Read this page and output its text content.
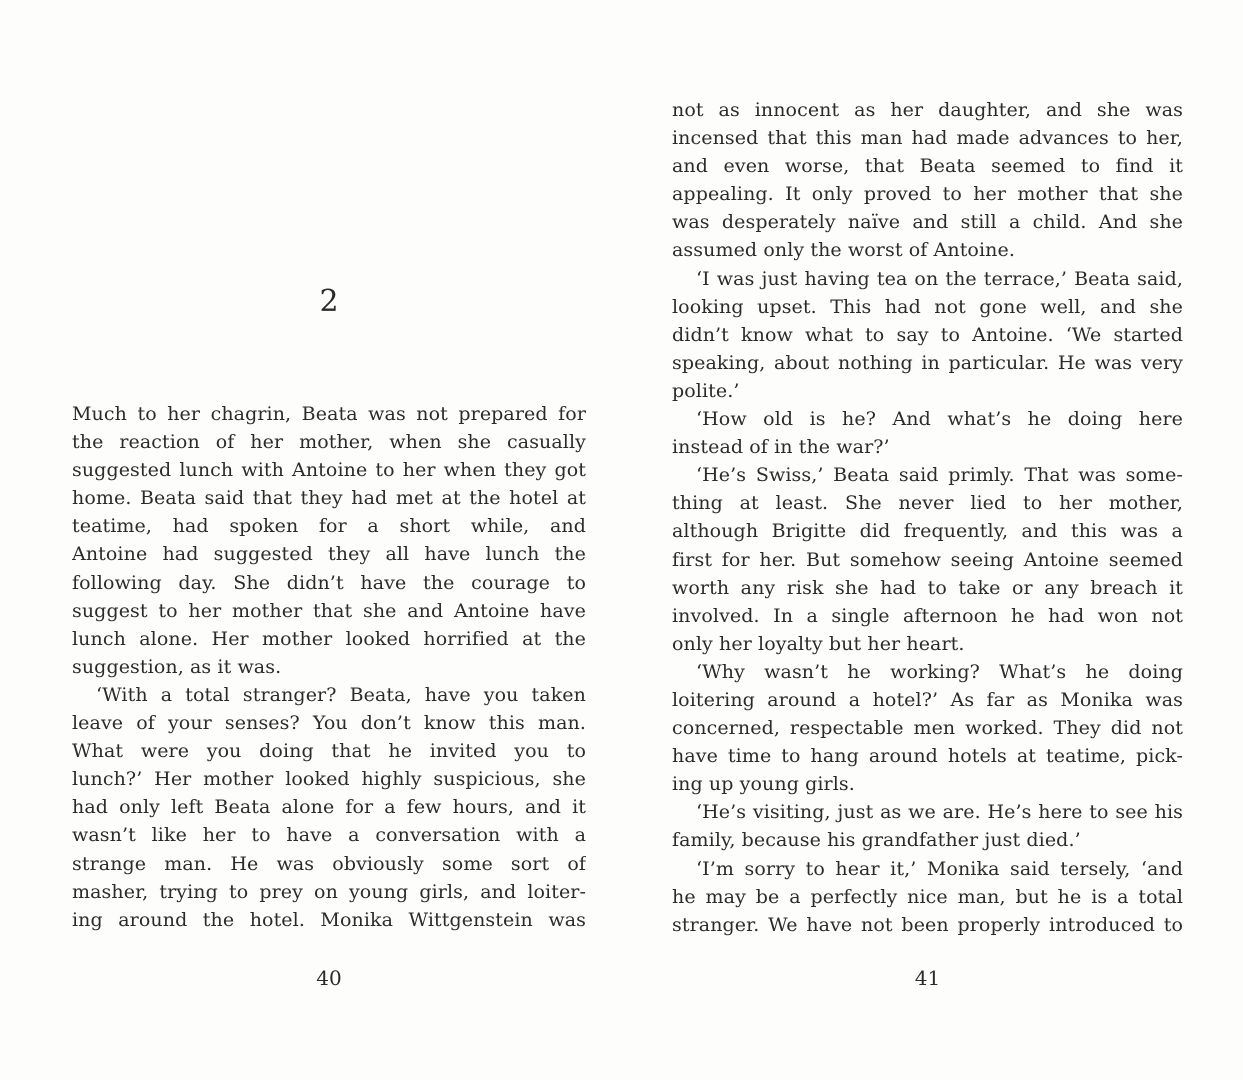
2
Much to her chagrin, Beata was not prepared for
the reaction of her mother, when she casually
suggested lunch with Antoine to her when they got
home. Beata said that they had met at the hotel at
teatime, had spoken for a short while, and
Antoine had suggested they all have lunch the
following day. She didn’t have the courage to
suggest to her mother that she and Antoine have
lunch alone. Her mother looked horrified at the
suggestion, as it was.
‘With a total stranger? Beata, have you taken
leave of your senses? You don’t know this man.
What were you doing that he invited you to
lunch?’ Her mother looked highly suspicious, she
had only left Beata alone for a few hours, and it
wasn’t like her to have a conversation with a
strange man. He was obviously some sort of
masher, trying to prey on young girls, and loiter-
ing around the hotel. Monika Wittgenstein was
40
not as innocent as her daughter, and she was
incensed that this man had made advances to her,
and even worse, that Beata seemed to find it
appealing. It only proved to her mother that she
was desperately naïve and still a child. And she
assumed only the worst of Antoine.
‘I was just having tea on the terrace,’ Beata said,
looking upset. This had not gone well, and she
didn’t know what to say to Antoine. ‘We started
speaking, about nothing in particular. He was very
polite.’
‘How old is he? And what’s he doing here
instead of in the war?’
‘He’s Swiss,’ Beata said primly. That was some-
thing at least. She never lied to her mother,
although Brigitte did frequently, and this was a
first for her. But somehow seeing Antoine seemed
worth any risk she had to take or any breach it
involved. In a single afternoon he had won not
only her loyalty but her heart.
‘Why wasn’t he working? What’s he doing
loitering around a hotel?’ As far as Monika was
concerned, respectable men worked. They did not
have time to hang around hotels at teatime, pick-
ing up young girls.
‘He’s visiting, just as we are. He’s here to see his
family, because his grandfather just died.’
‘I’m sorry to hear it,’ Monika said tersely, ‘and
he may be a perfectly nice man, but he is a total
stranger. We have not been properly introduced to
41
